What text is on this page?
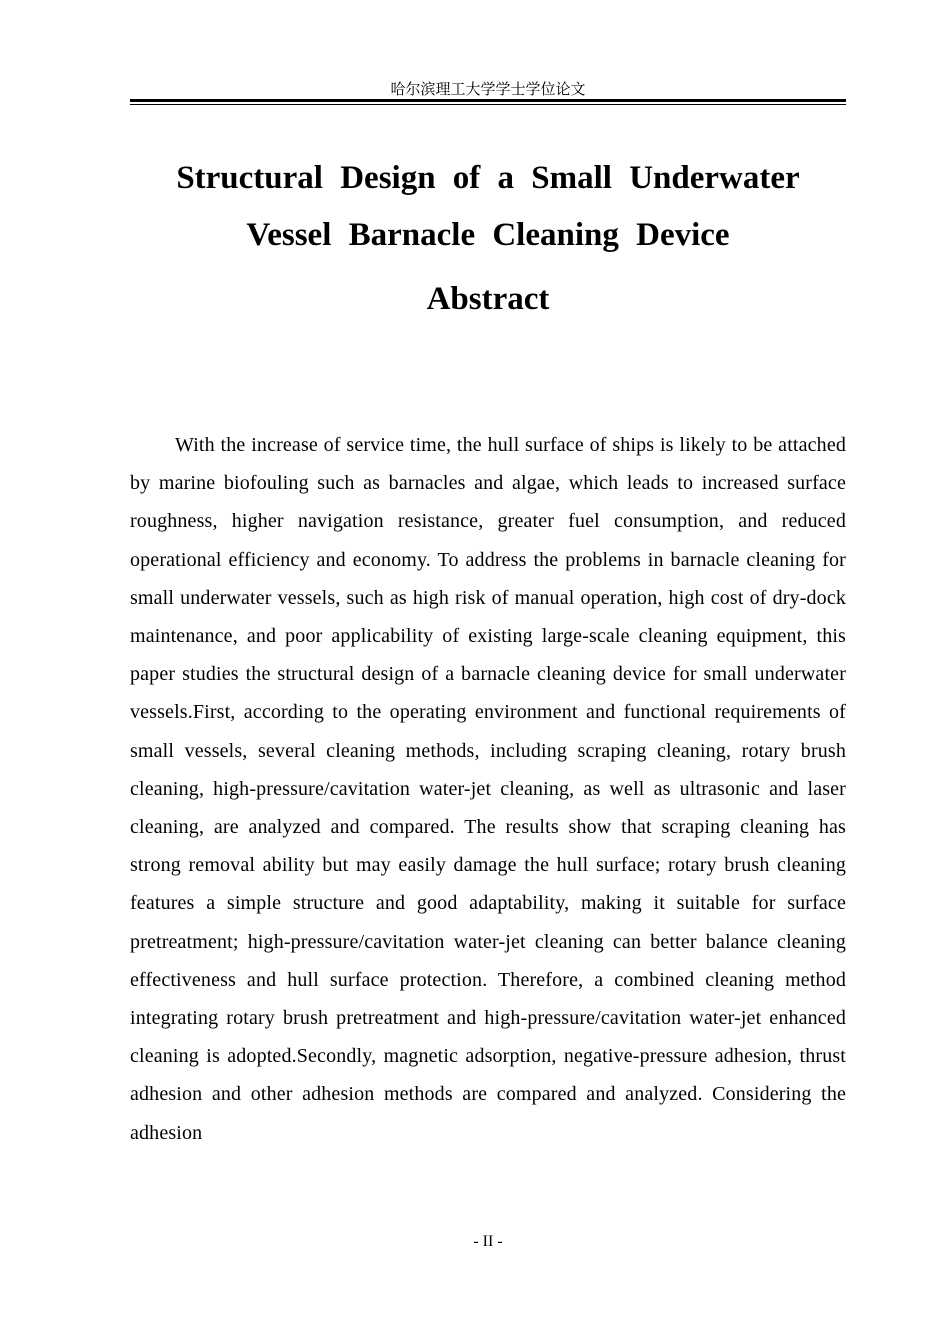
哈尔滨理工大学学士学位论文
Structural Design of a Small Underwater
Vessel Barnacle Cleaning Device
Abstract

With the increase of service time, the hull surface of ships is likely to be attached by marine biofouling such as barnacles and algae, which leads to increased surface roughness, higher navigation resistance, greater fuel consumption, and reduced operational efficiency and economy. To address the problems in barnacle cleaning for small underwater vessels, such as high risk of manual operation, high cost of dry-dock maintenance, and poor applicability of existing large-scale cleaning equipment, this paper studies the structural design of a barnacle cleaning device for small underwater vessels.First, according to the operating environment and functional requirements of small vessels, several cleaning methods, including scraping cleaning, rotary brush cleaning, high-pressure/cavitation water-jet cleaning, as well as ultrasonic and laser cleaning, are analyzed and compared. The results show that scraping cleaning has strong removal ability but may easily damage the hull surface; rotary brush cleaning features a simple structure and good adaptability, making it suitable for surface pretreatment; high-pressure/cavitation water-jet cleaning can better balance cleaning effectiveness and hull surface protection. Therefore, a combined cleaning method integrating rotary brush pretreatment and high-pressure/cavitation water-jet enhanced cleaning is adopted.Secondly, magnetic adsorption, negative-pressure adhesion, thrust adhesion and other adhesion methods are compared and analyzed. Considering the adhesion

- II -
